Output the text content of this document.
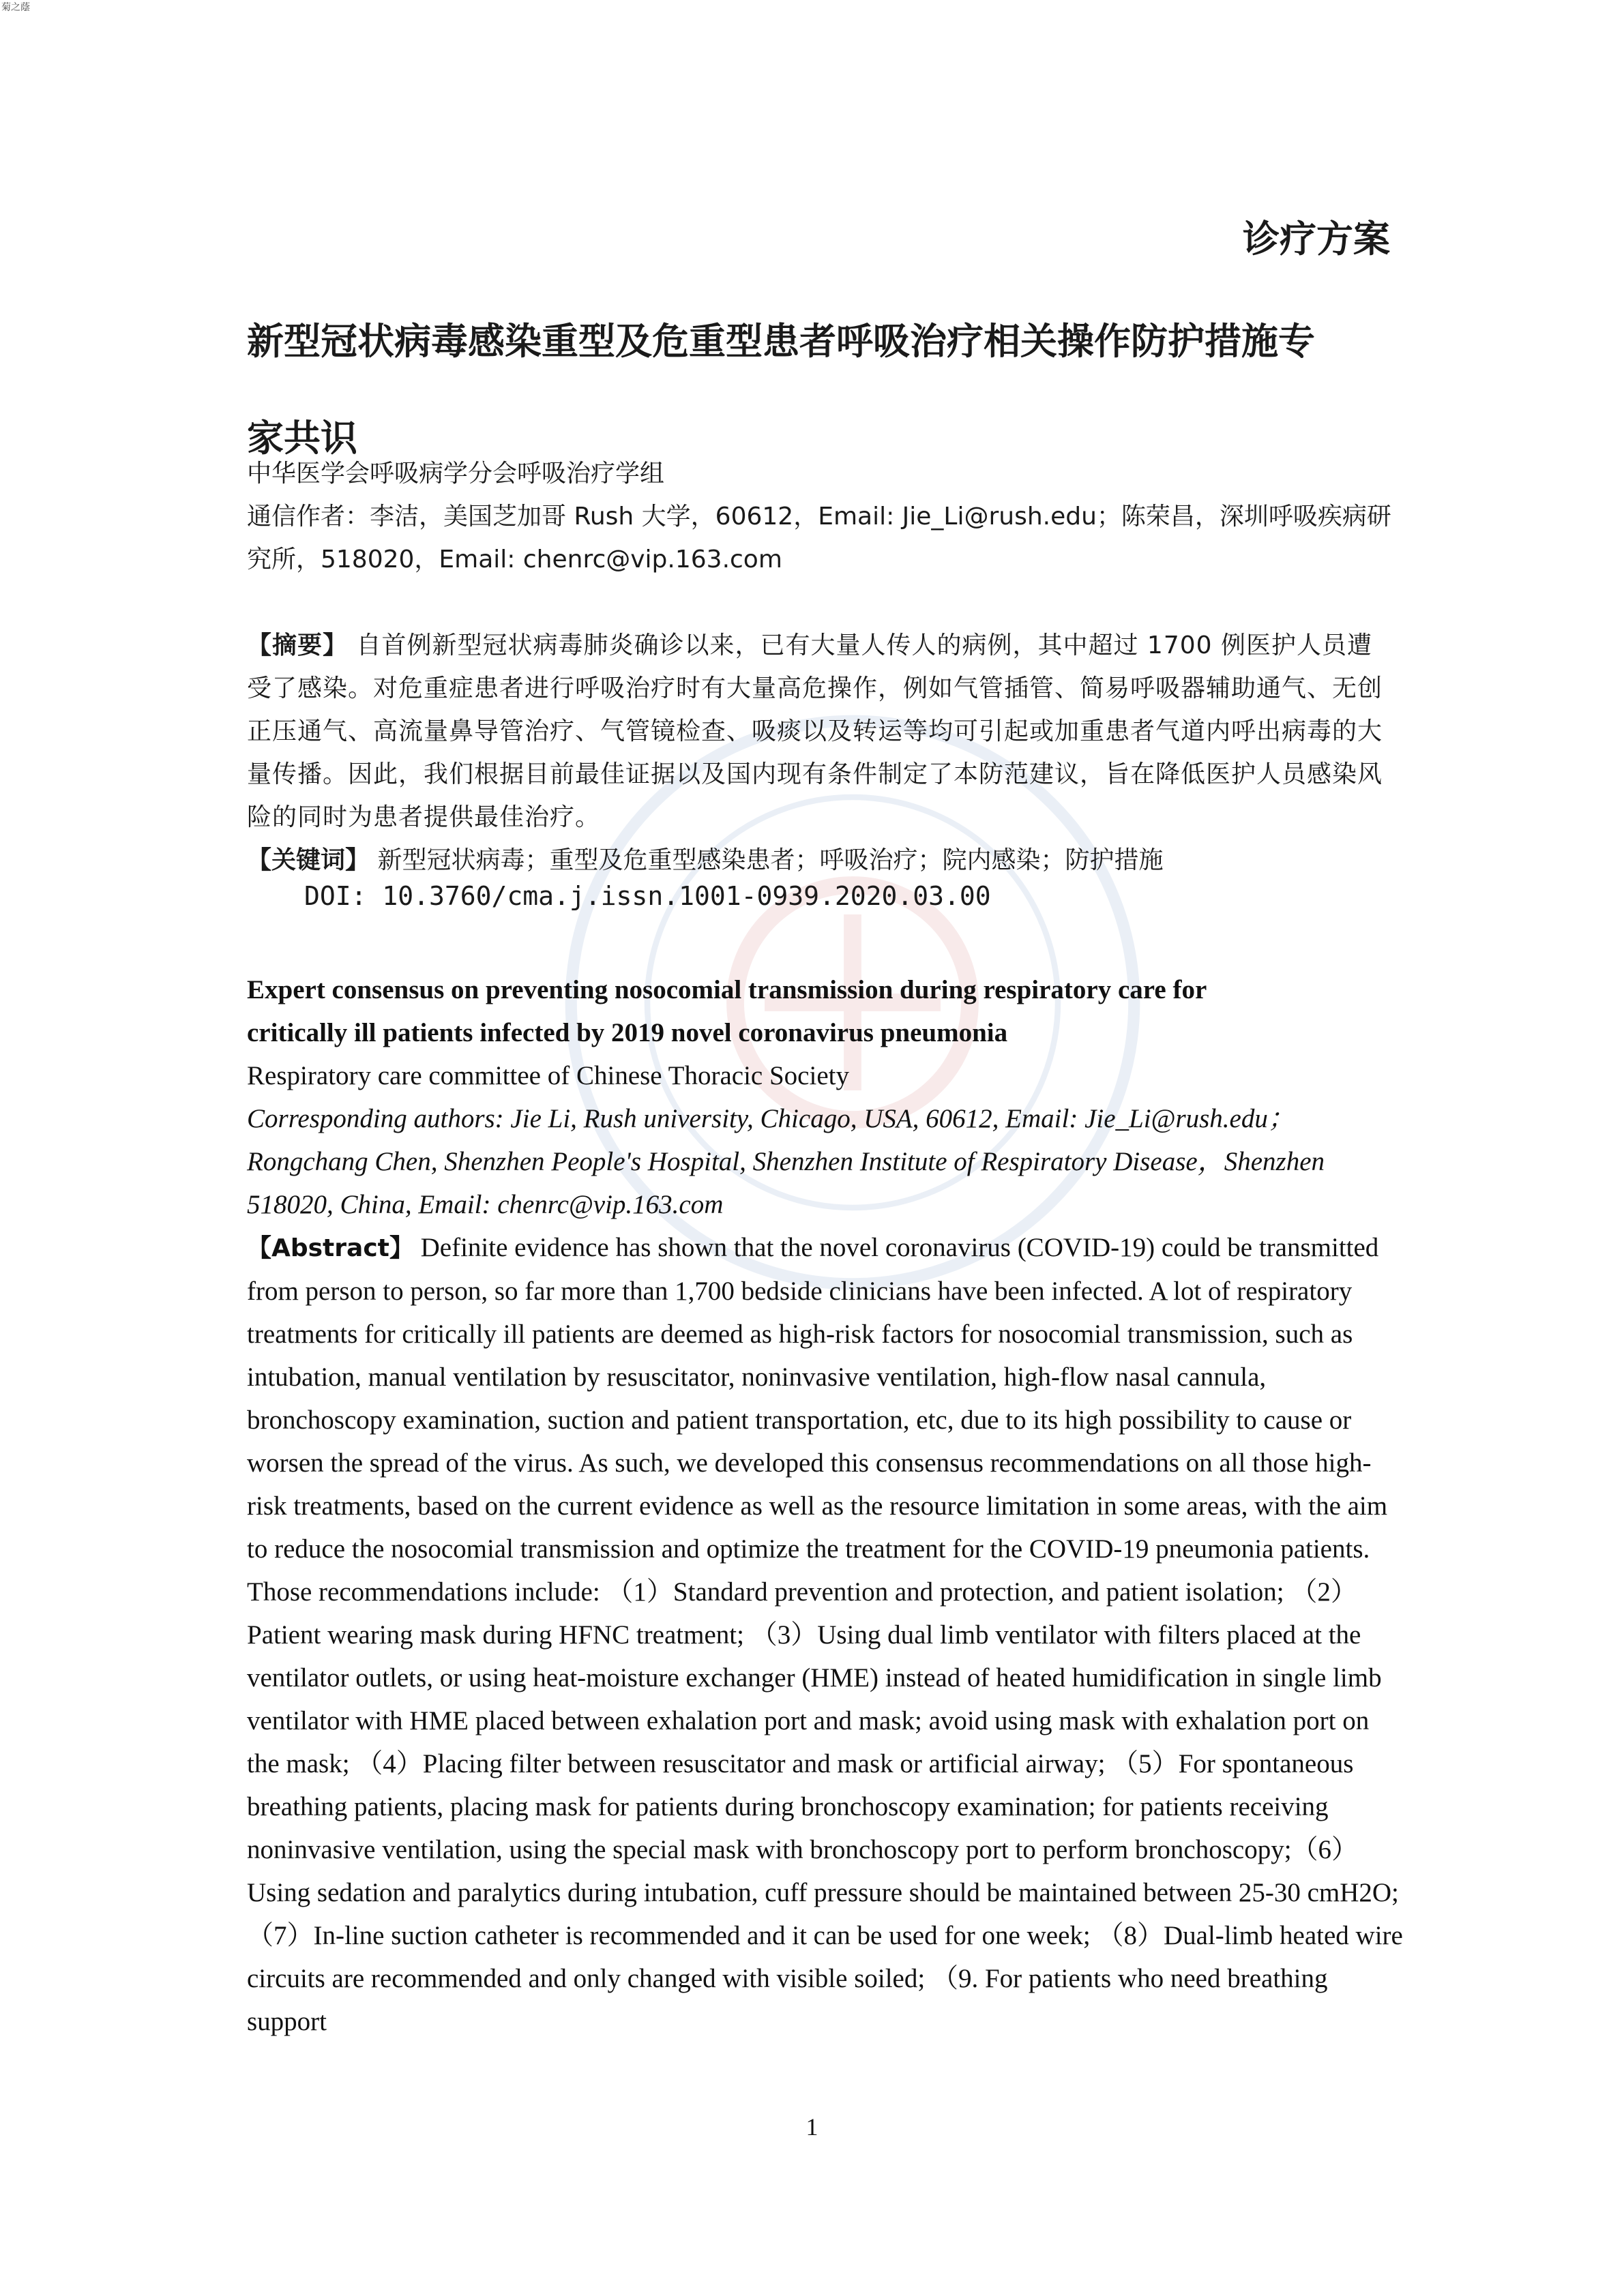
菊之蔭
诊疗方案
新型冠状病毒感染重型及危重型患者呼吸治疗相关操作防护措施专
家共识
中华医学会呼吸病学分会呼吸治疗学组
通信作者：李洁，美国芝加哥 Rush 大学，60612，Email: Jie_Li@rush.edu；陈荣昌，深圳呼吸疾病研究所，518020，Email: chenrc@vip.163.com
【摘要】 自首例新型冠状病毒肺炎确诊以来，已有大量人传人的病例，其中超过 1700 例医护人员遭受了感染。对危重症患者进行呼吸治疗时有大量高危操作，例如气管插管、简易呼吸器辅助通气、无创正压通气、高流量鼻导管治疗、气管镜检查、吸痰以及转运等均可引起或加重患者气道内呼出病毒的大量传播。因此，我们根据目前最佳证据以及国内现有条件制定了本防范建议，旨在降低医护人员感染风险的同时为患者提供最佳治疗。
【关键词】 新型冠状病毒；重型及危重型感染患者；呼吸治疗；院内感染；防护措施
DOI: 10.3760/cma.j.issn.1001-0939.2020.03.00
Expert consensus on preventing nosocomial transmission during respiratory care for
critically ill patients infected by 2019 novel coronavirus pneumonia
Respiratory care committee of Chinese Thoracic Society
Corresponding authors: Jie Li, Rush university, Chicago, USA, 60612, Email: Jie_Li@rush.edu；Rongchang Chen, Shenzhen People's Hospital, Shenzhen Institute of Respiratory Disease，Shenzhen 518020, China, Email: chenrc@vip.163.com
【Abstract】 Definite evidence has shown that the novel coronavirus (COVID-19) could be transmitted from person to person, so far more than 1,700 bedside clinicians have been infected. A lot of respiratory treatments for critically ill patients are deemed as high-risk factors for nosocomial transmission, such as intubation, manual ventilation by resuscitator, noninvasive ventilation, high-flow nasal cannula, bronchoscopy examination, suction and patient transportation, etc, due to its high possibility to cause or worsen the spread of the virus. As such, we developed this consensus recommendations on all those high-risk treatments, based on the current evidence as well as the resource limitation in some areas, with the aim to reduce the nosocomial transmission and optimize the treatment for the COVID-19 pneumonia patients. Those recommendations include: （1）Standard prevention and protection, and patient isolation; （2）Patient wearing mask during HFNC treatment; （3）Using dual limb ventilator with filters placed at the ventilator outlets, or using heat-moisture exchanger (HME) instead of heated humidification in single limb ventilator with HME placed between exhalation port and mask; avoid using mask with exhalation port on the mask; （4）Placing filter between resuscitator and mask or artificial airway; （5）For spontaneous breathing patients, placing mask for patients during bronchoscopy examination; for patients receiving noninvasive ventilation, using the special mask with bronchoscopy port to perform bronchoscopy;（6）Using sedation and paralytics during intubation, cuff pressure should be maintained between 25-30 cmH2O; （7）In-line suction catheter is recommended and it can be used for one week; （8）Dual-limb heated wire circuits are recommended and only changed with visible soiled; （9. For patients who need breathing support
1
